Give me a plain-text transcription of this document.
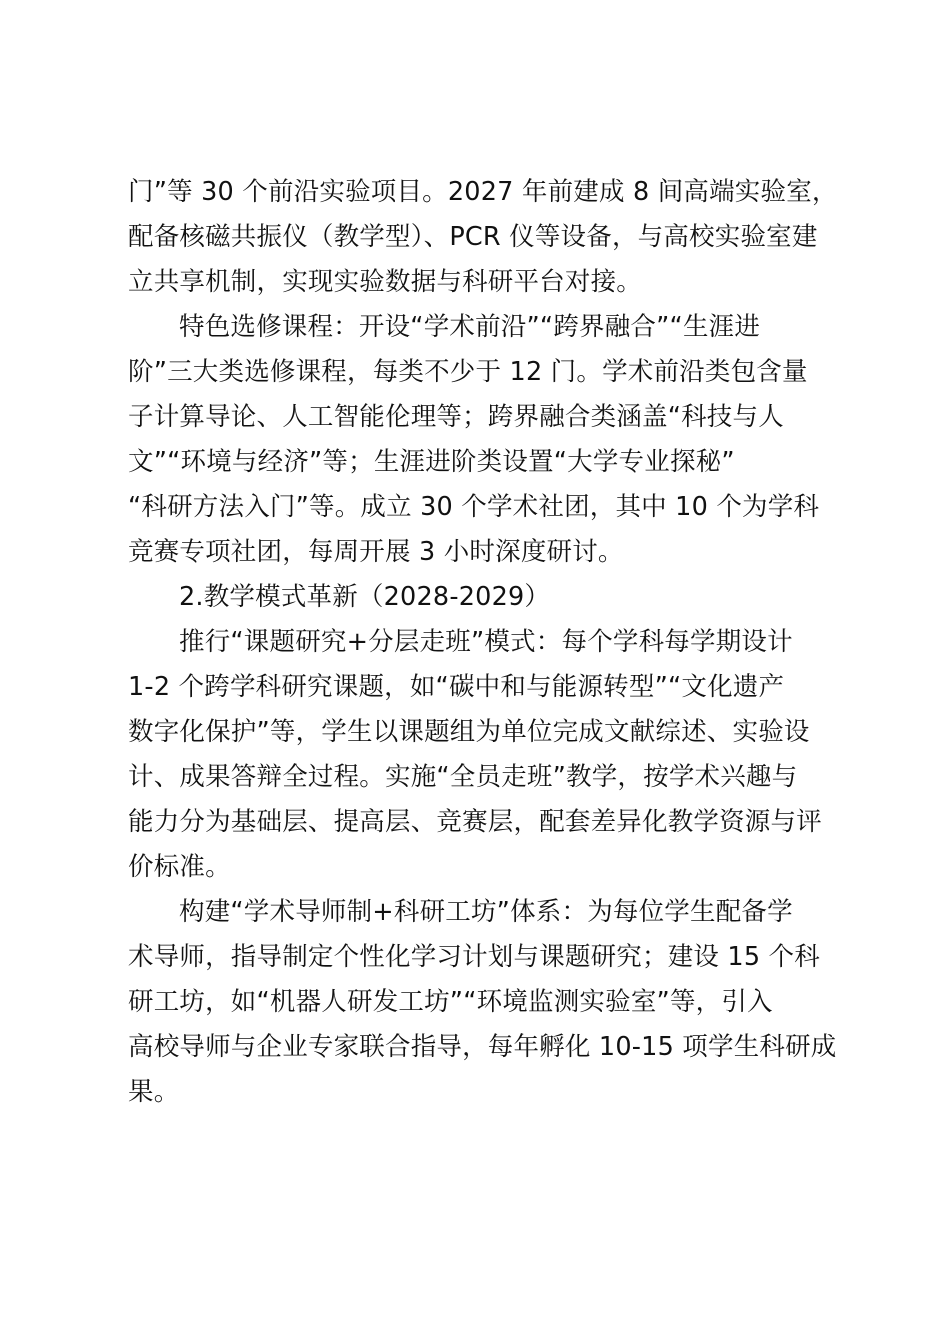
门”等 30 个前沿实验项目。2027 年前建成 8 间高端实验室，
配备核磁共振仪（教学型）、PCR 仪等设备，与高校实验室建
立共享机制，实现实验数据与科研平台对接。
特色选修课程：开设“学术前沿”“跨界融合”“生涯进
阶”三大类选修课程，每类不少于 12 门。学术前沿类包含量
子计算导论、人工智能伦理等；跨界融合类涵盖“科技与人
文”“环境与经济”等；生涯进阶类设置“大学专业探秘”
“科研方法入门”等。成立 30 个学术社团，其中 10 个为学科
竞赛专项社团，每周开展 3 小时深度研讨。
2.教学模式革新（2028-2029）
推行“课题研究+分层走班”模式：每个学科每学期设计
1-2 个跨学科研究课题，如“碳中和与能源转型”“文化遗产
数字化保护”等，学生以课题组为单位完成文献综述、实验设
计、成果答辩全过程。实施“全员走班”教学，按学术兴趣与
能力分为基础层、提高层、竞赛层，配套差异化教学资源与评
价标准。
构建“学术导师制+科研工坊”体系：为每位学生配备学
术导师，指导制定个性化学习计划与课题研究；建设 15 个科
研工坊，如“机器人研发工坊”“环境监测实验室”等，引入
高校导师与企业专家联合指导，每年孵化 10-15 项学生科研成
果。
